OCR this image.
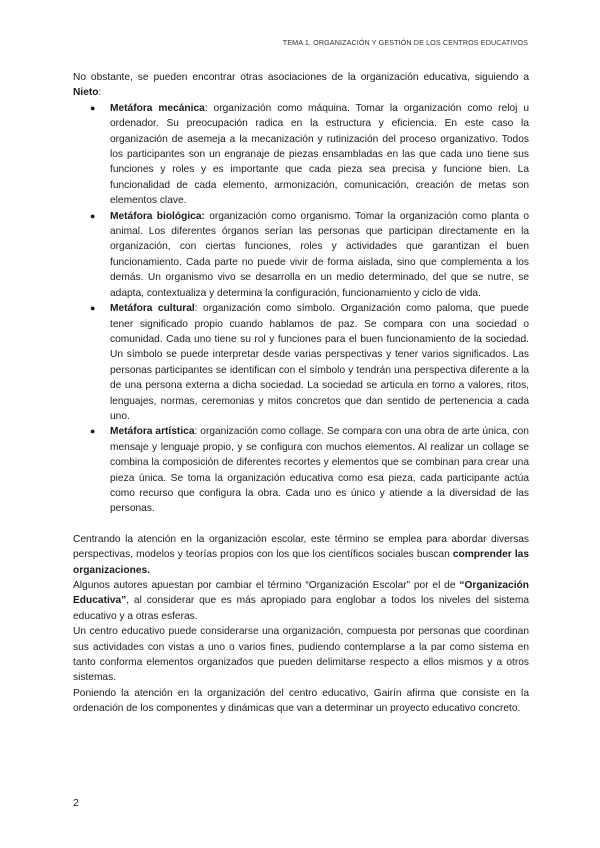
TEMA 1. ORGANIZACIÓN Y GESTIÓN DE LOS CENTROS EDUCATIVOS

No obstante, se pueden encontrar otras asociaciones de la organización educativa, siguiendo a Nieto:

● Metáfora mecánica: organización como máquina. Tomar la organización como reloj u ordenador. Su preocupación radica en la estructura y eficiencia. En este caso la organización de asemeja a la mecanización y rutinización del proceso organizativo. Todos los participantes son un engranaje de piezas ensambladas en las que cada uno tiene sus funciones y roles y es importante que cada pieza sea precisa y funcione bien. La funcionalidad de cada elemento, armonización, comunicación, creación de metas son elementos clave.
● Metáfora biológica: organización como organismo. Tomar la organización como planta o animal. Los diferentes órganos serían las personas que participan directamente en la organización, con ciertas funciones, roles y actividades que garantizan el buen funcionamiento. Cada parte no puede vivir de forma aislada, sino que complementa a los demás. Un organismo vivo se desarrolla en un medio determinado, del que se nutre, se adapta, contextualiza y determina la configuración, funcionamiento y ciclo de vida.
● Metáfora cultural: organización como símbolo. Organización como paloma, que puede tener significado propio cuando hablamos de paz. Se compara con una sociedad o comunidad. Cada uno tiene su rol y funciones para el buen funcionamiento de la sociedad. Un símbolo se puede interpretar desde varias perspectivas y tener varios significados. Las personas participantes se identifican con el símbolo y tendrán una perspectiva diferente a la de una persona externa a dicha sociedad. La sociedad se articula en torno a valores, ritos, lenguajes, normas, ceremonias y mitos concretos que dan sentido de pertenencia a cada uno.
● Metáfora artística: organización como collage. Se compara con una obra de arte única, con mensaje y lenguaje propio, y se configura con muchos elementos. Al realizar un collage se combina la composición de diferentes recortes y elementos que se combinan para crear una pieza única. Se toma la organización educativa como esa pieza, cada participante actúa como recurso que configura la obra. Cada uno es único y atiende a la diversidad de las personas.

Centrando la atención en la organización escolar, este término se emplea para abordar diversas perspectivas, modelos y teorías propios con los que los científicos sociales buscan comprender las organizaciones.

Algunos autores apuestan por cambiar el término “Organización Escolar” por el de “Organización Educativa”, al considerar que es más apropiado para englobar a todos los niveles del sistema educativo y a otras esferas.

Un centro educativo puede considerarse una organización, compuesta por personas que coordinan sus actividades con vistas a uno o varios fines, pudiendo contemplarse a la par como sistema en tanto conforma elementos organizados que pueden delimitarse respecto a ellos mismos y a otros sistemas.

Poniendo la atención en la organización del centro educativo, Gairín afirma que consiste en la ordenación de los componentes y dinámicas que van a determinar un proyecto educativo concreto.

2
